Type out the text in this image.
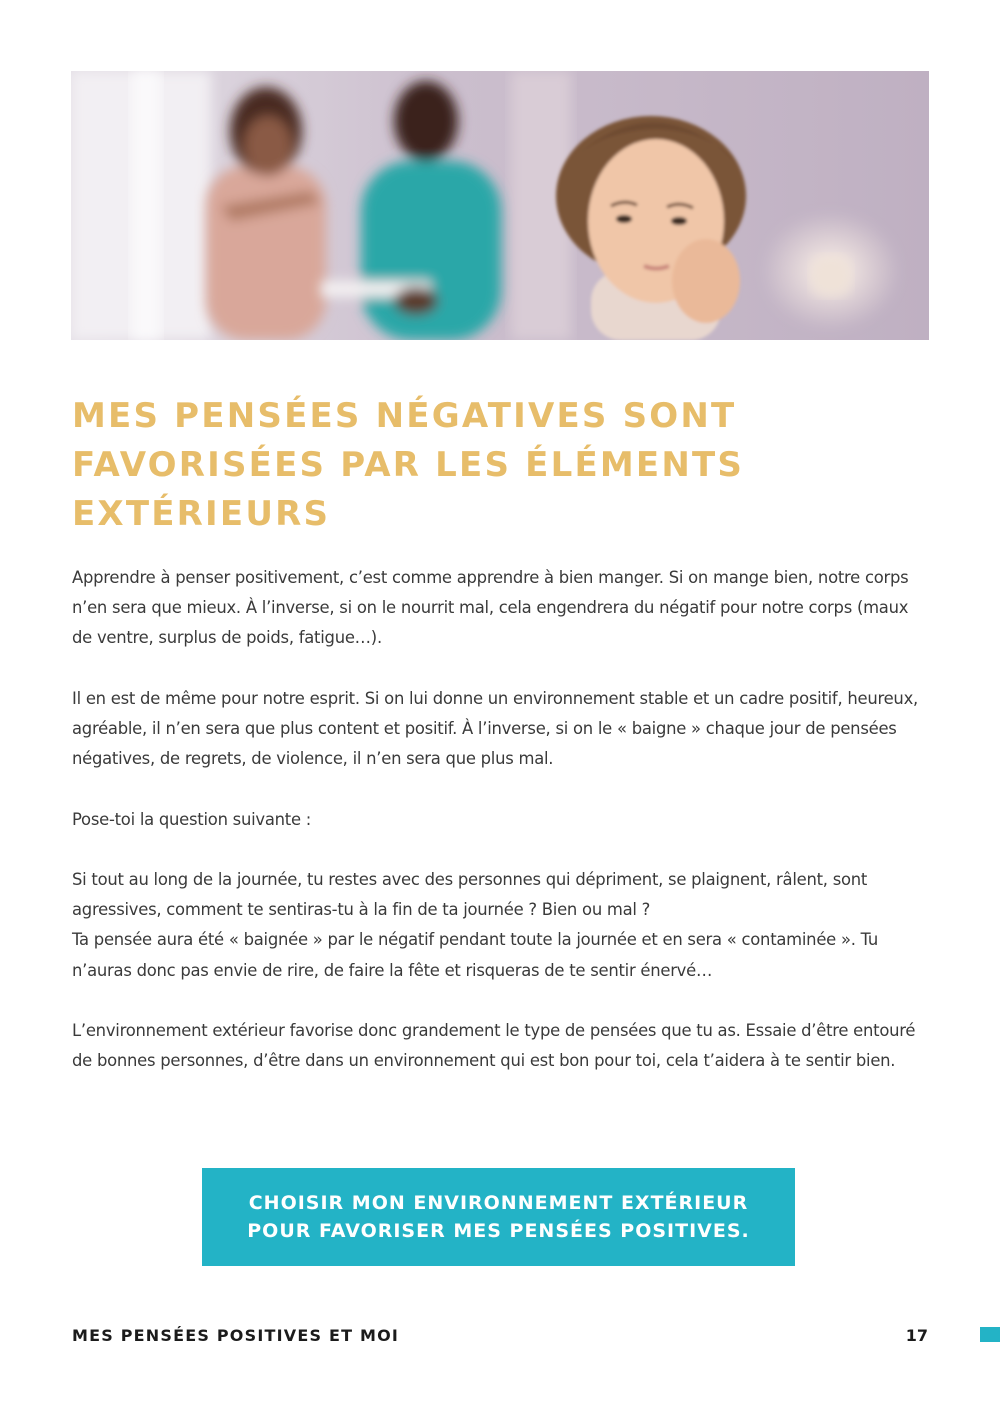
MES PENSÉES NÉGATIVES SONT FAVORISÉES PAR LES ÉLÉMENTS EXTÉRIEURS

Apprendre à penser positivement, c’est comme apprendre à bien manger. Si on mange bien, notre corps n’en sera que mieux. À l’inverse, si on le nourrit mal, cela engendrera du négatif pour notre corps (maux de ventre, surplus de poids, fatigue…).

Il en est de même pour notre esprit. Si on lui donne un environnement stable et un cadre positif, heureux, agréable, il n’en sera que plus content et positif. À l’inverse, si on le « baigne » chaque jour de pensées négatives, de regrets, de violence, il n’en sera que plus mal.

Pose-toi la question suivante :

Si tout au long de la journée, tu restes avec des personnes qui dépriment, se plaignent, râlent, sont agressives, comment te sentiras-tu à la fin de ta journée ? Bien ou mal ?
Ta pensée aura été « baignée » par le négatif pendant toute la journée et en sera « contaminée ». Tu n’auras donc pas envie de rire, de faire la fête et risqueras de te sentir énervé…

L’environnement extérieur favorise donc grandement le type de pensées que tu as. Essaie d’être entouré de bonnes personnes, d’être dans un environnement qui est bon pour toi, cela t’aidera à te sentir bien.

CHOISIR MON ENVIRONNEMENT EXTÉRIEUR
POUR FAVORISER MES PENSÉES POSITIVES.
MES PENSÉES POSITIVES ET MOI	17
